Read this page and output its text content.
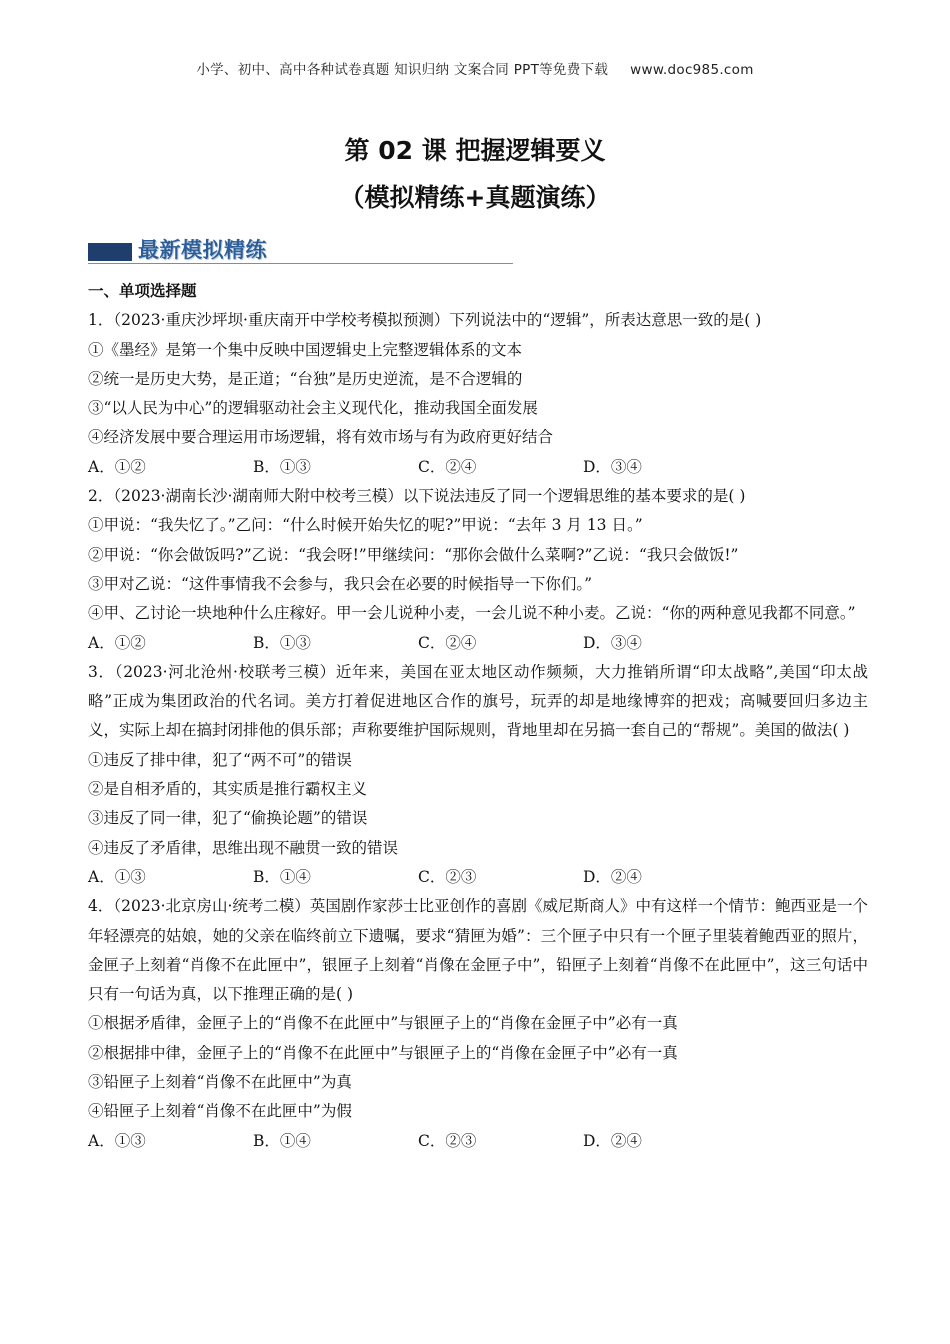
小学、初中、高中各种试卷真题 知识归纳 文案合同 PPT等免费下载 www.doc985.com
第 02 课 把握逻辑要义
（模拟精练+真题演练）
最新模拟精练
一、单项选择题
1．（2023·重庆沙坪坝·重庆南开中学校考模拟预测）下列说法中的“逻辑”，所表达意思一致的是( )
①《墨经》是第一个集中反映中国逻辑史上完整逻辑体系的文本
②统一是历史大势，是正道；“台独”是历史逆流，是不合逻辑的
③“以人民为中心”的逻辑驱动社会主义现代化，推动我国全面发展
④经济发展中要合理运用市场逻辑，将有效市场与有为政府更好结合
A．①②	B．①③	C．②④	D．③④
2．（2023·湖南长沙·湖南师大附中校考三模）以下说法违反了同一个逻辑思维的基本要求的是( )
①甲说：“我失忆了。”乙问：“什么时候开始失忆的呢?”甲说：“去年 3 月 13 日。”
②甲说：“你会做饭吗?”乙说：“我会呀!”甲继续问：“那你会做什么菜啊?”乙说：“我只会做饭!”
③甲对乙说：“这件事情我不会参与，我只会在必要的时候指导一下你们。”
④甲、乙讨论一块地种什么庄稼好。甲一会儿说种小麦，一会儿说不种小麦。乙说：“你的两种意见我都不同意。”
A．①②	B．①③	C．②④	D．③④
3．（2023·河北沧州·校联考三模）近年来，美国在亚太地区动作频频，大力推销所谓“印太战略”,美国“印太战略”正成为集团政治的代名词。美方打着促进地区合作的旗号，玩弄的却是地缘博弈的把戏；高喊要回归多边主义，实际上却在搞封闭排他的俱乐部；声称要维护国际规则，背地里却在另搞一套自己的“帮规”。美国的做法( )
①违反了排中律，犯了“两不可”的错误
②是自相矛盾的，其实质是推行霸权主义
③违反了同一律，犯了“偷换论题”的错误
④违反了矛盾律，思维出现不融贯一致的错误
A．①③	B．①④	C．②③	D．②④
4．（2023·北京房山·统考二模）英国剧作家莎士比亚创作的喜剧《威尼斯商人》中有这样一个情节：鲍西亚是一个年轻漂亮的姑娘，她的父亲在临终前立下遗嘱，要求“猜匣为婚”：三个匣子中只有一个匣子里装着鲍西亚的照片，金匣子上刻着“肖像不在此匣中”，银匣子上刻着“肖像在金匣子中”，铅匣子上刻着“肖像不在此匣中”，这三句话中只有一句话为真，以下推理正确的是( )
①根据矛盾律，金匣子上的“肖像不在此匣中”与银匣子上的“肖像在金匣子中”必有一真
②根据排中律，金匣子上的“肖像不在此匣中”与银匣子上的“肖像在金匣子中”必有一真
③铅匣子上刻着“肖像不在此匣中”为真
④铅匣子上刻着“肖像不在此匣中”为假
A．①③	B．①④	C．②③	D．②④
